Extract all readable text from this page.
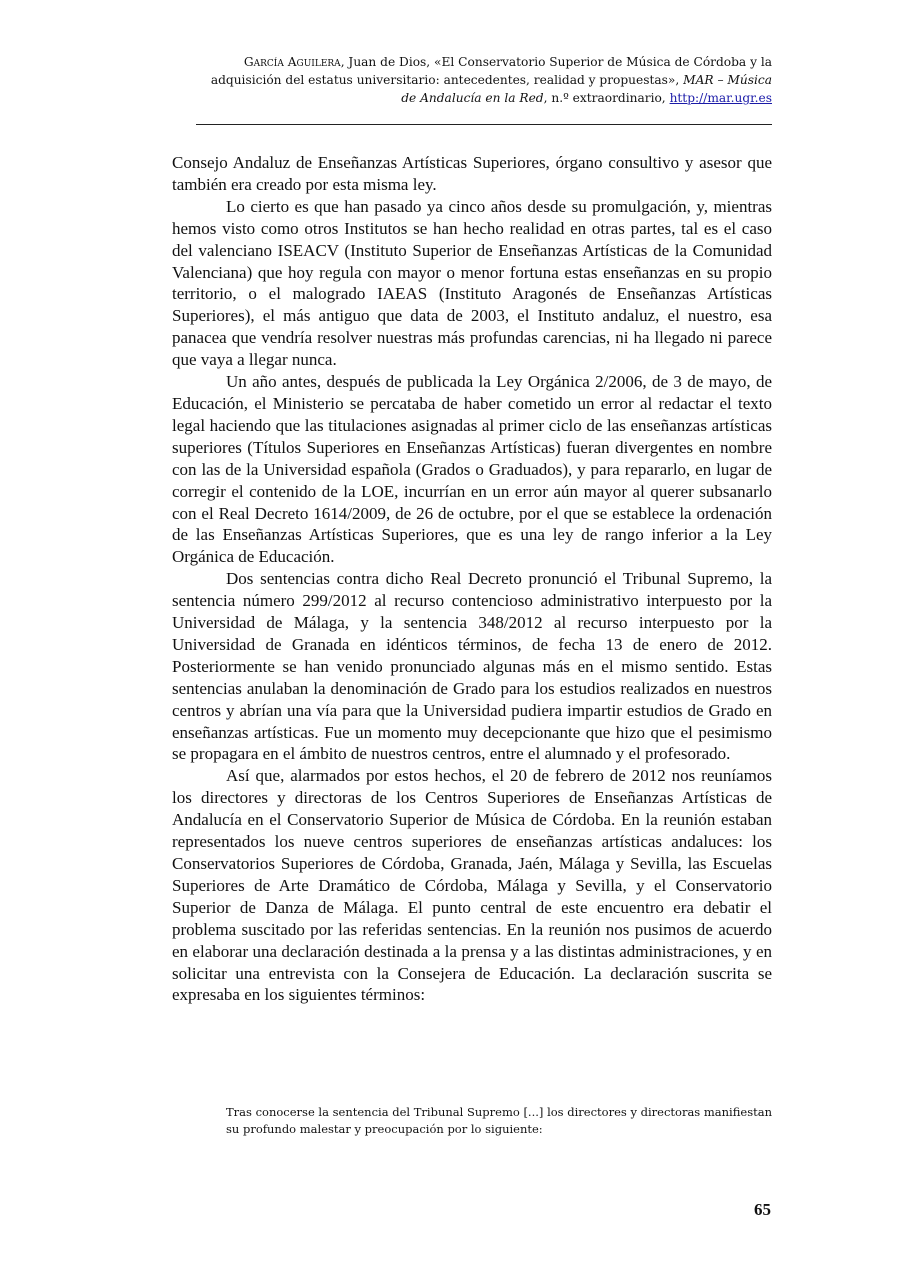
García Aguilera, Juan de Dios, «El Conservatorio Superior de Música de Córdoba y la adquisición del estatus universitario: antecedentes, realidad y propuestas», MAR – Música de Andalucía en la Red, n.º extraordinario, http://mar.ugr.es

Consejo Andaluz de Enseñanzas Artísticas Superiores, órgano consultivo y asesor que también era creado por esta misma ley.

Lo cierto es que han pasado ya cinco años desde su promulgación, y, mientras hemos visto como otros Institutos se han hecho realidad en otras partes, tal es el caso del valenciano ISEACV (Instituto Superior de Enseñanzas Artísticas de la Comunidad Valenciana) que hoy regula con mayor o menor fortuna estas enseñanzas en su propio territorio, o el malogrado IAEAS (Instituto Aragonés de Enseñanzas Artísticas Superiores), el más antiguo que data de 2003, el Instituto andaluz, el nuestro, esa panacea que vendría resolver nuestras más profundas carencias, ni ha llegado ni parece que vaya a llegar nunca.

Un año antes, después de publicada la Ley Orgánica 2/2006, de 3 de mayo, de Educación, el Ministerio se percataba de haber cometido un error al redactar el texto legal haciendo que las titulaciones asignadas al primer ciclo de las enseñanzas artísticas superiores (Títulos Superiores en Enseñanzas Artísticas) fueran divergentes en nombre con las de la Universidad española (Grados o Graduados), y para repararlo, en lugar de corregir el contenido de la LOE, incurrían en un error aún mayor al querer subsanarlo con el Real Decreto 1614/2009, de 26 de octubre, por el que se establece la ordenación de las Enseñanzas Artísticas Superiores, que es una ley de rango inferior a la Ley Orgánica de Educación.

Dos sentencias contra dicho Real Decreto pronunció el Tribunal Supremo, la sentencia número 299/2012 al recurso contencioso administrativo interpuesto por la Universidad de Málaga, y la sentencia 348/2012 al recurso interpuesto por la Universidad de Granada en idénticos términos, de fecha 13 de enero de 2012. Posteriormente se han venido pronunciado algunas más en el mismo sentido. Estas sentencias anulaban la denominación de Grado para los estudios realizados en nuestros centros y abrían una vía para que la Universidad pudiera impartir estudios de Grado en enseñanzas artísticas. Fue un momento muy decepcionante que hizo que el pesimismo se propagara en el ámbito de nuestros centros, entre el alumnado y el profesorado.

Así que, alarmados por estos hechos, el 20 de febrero de 2012 nos reuníamos los directores y directoras de los Centros Superiores de Enseñanzas Artísticas de Andalucía en el Conservatorio Superior de Música de Córdoba. En la reunión estaban representados los nueve centros superiores de enseñanzas artísticas andaluces: los Conservatorios Superiores de Córdoba, Granada, Jaén, Málaga y Sevilla, las Escuelas Superiores de Arte Dramático de Córdoba, Málaga y Sevilla, y el Conservatorio Superior de Danza de Málaga. El punto central de este encuentro era debatir el problema suscitado por las referidas sentencias. En la reunión nos pusimos de acuerdo en elaborar una declaración destinada a la prensa y a las distintas administraciones, y en solicitar una entrevista con la Consejera de Educación. La declaración suscrita se expresaba en los siguientes términos:

Tras conocerse la sentencia del Tribunal Supremo [...] los directores y directoras manifiestan su profundo malestar y preocupación por lo siguiente:
65
